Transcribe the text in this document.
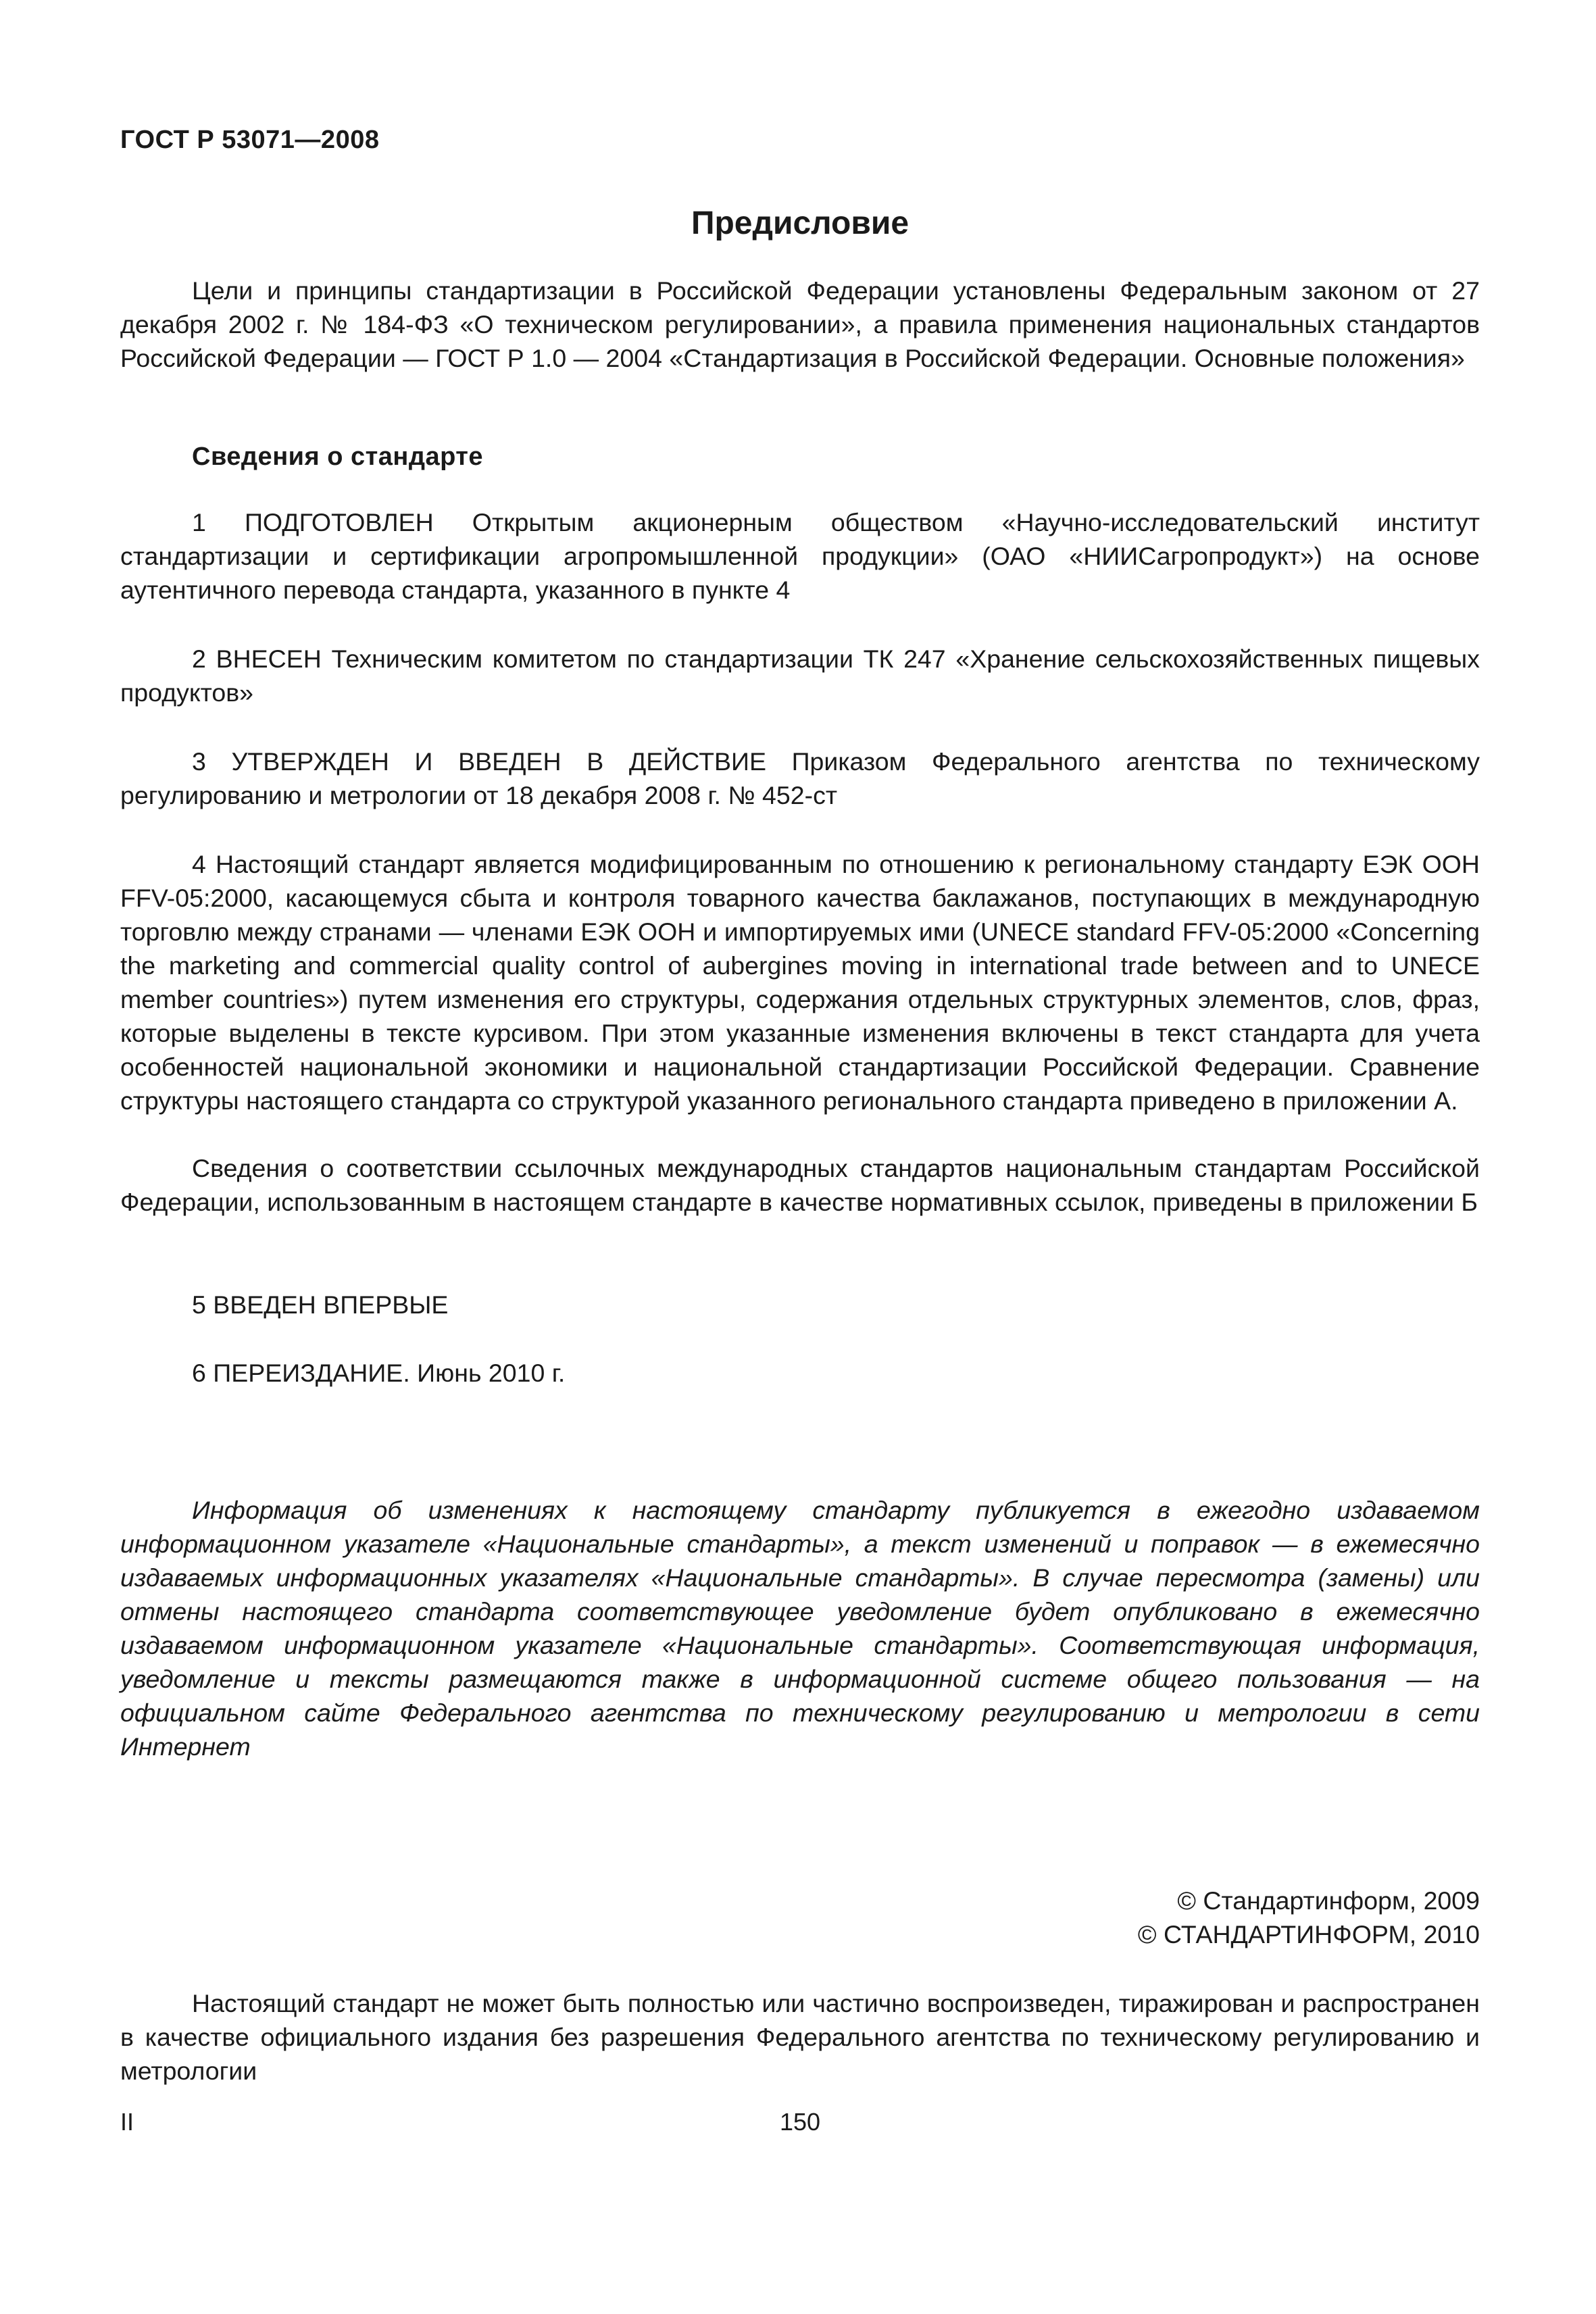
ГОСТ Р 53071—2008
Предисловие

Цели и принципы стандартизации в Российской Федерации установлены Федеральным законом от 27 декабря 2002 г. № 184-ФЗ «О техническом регулировании», а правила применения национальных стандартов Российской Федерации — ГОСТ Р 1.0 — 2004 «Стандартизация в Российской Федерации. Основные положения»

Сведения о стандарте

1 ПОДГОТОВЛЕН Открытым акционерным обществом «Научно-исследовательский институт стандартизации и сертификации агропромышленной продукции» (ОАО «НИИСагропродукт») на основе аутентичного перевода стандарта, указанного в пункте 4

2 ВНЕСЕН Техническим комитетом по стандартизации ТК 247 «Хранение сельскохозяйственных пищевых продуктов»

3 УТВЕРЖДЕН И ВВЕДЕН В ДЕЙСТВИЕ Приказом Федерального агентства по техническому регулированию и метрологии от 18 декабря 2008 г. № 452-ст

4 Настоящий стандарт является модифицированным по отношению к региональному стандарту ЕЭК ООН FFV-05:2000, касающемуся сбыта и контроля товарного качества баклажанов, поступающих в международную торговлю между странами — членами ЕЭК ООН и импортируемых ими (UNECE standard FFV-05:2000 «Concerning the marketing and commercial quality control of aubergines moving in international trade between and to UNECE member countries») путем изменения его структуры, содержания отдельных структурных элементов, слов, фраз, которые выделены в тексте курсивом. При этом указанные изменения включены в текст стандарта для учета особенностей национальной экономики и национальной стандартизации Российской Федерации. Сравнение структуры настоящего стандарта со структурой указанного регионального стандарта приведено в приложении А.

Сведения о соответствии ссылочных международных стандартов национальным стандартам Российской Федерации, использованным в настоящем стандарте в качестве нормативных ссылок, приведены в приложении Б

5 ВВЕДЕН ВПЕРВЫЕ

6 ПЕРЕИЗДАНИЕ. Июнь 2010 г.

Информация об изменениях к настоящему стандарту публикуется в ежегодно издаваемом информационном указателе «Национальные стандарты», а текст изменений и поправок — в ежемесячно издаваемых информационных указателях «Национальные стандарты». В случае пересмотра (замены) или отмены настоящего стандарта соответствующее уведомление будет опубликовано в ежемесячно издаваемом информационном указателе «Национальные стандарты». Соответствующая информация, уведомление и тексты размещаются также в информационной системе общего пользования — на официальном сайте Федерального агентства по техническому регулированию и метрологии в сети Интернет

© Стандартинформ, 2009
© СТАНДАРТИНФОРМ, 2010

Настоящий стандарт не может быть полностью или частично воспроизведен, тиражирован и распространен в качестве официального издания без разрешения Федерального агентства по техническому регулированию и метрологии

II	150
